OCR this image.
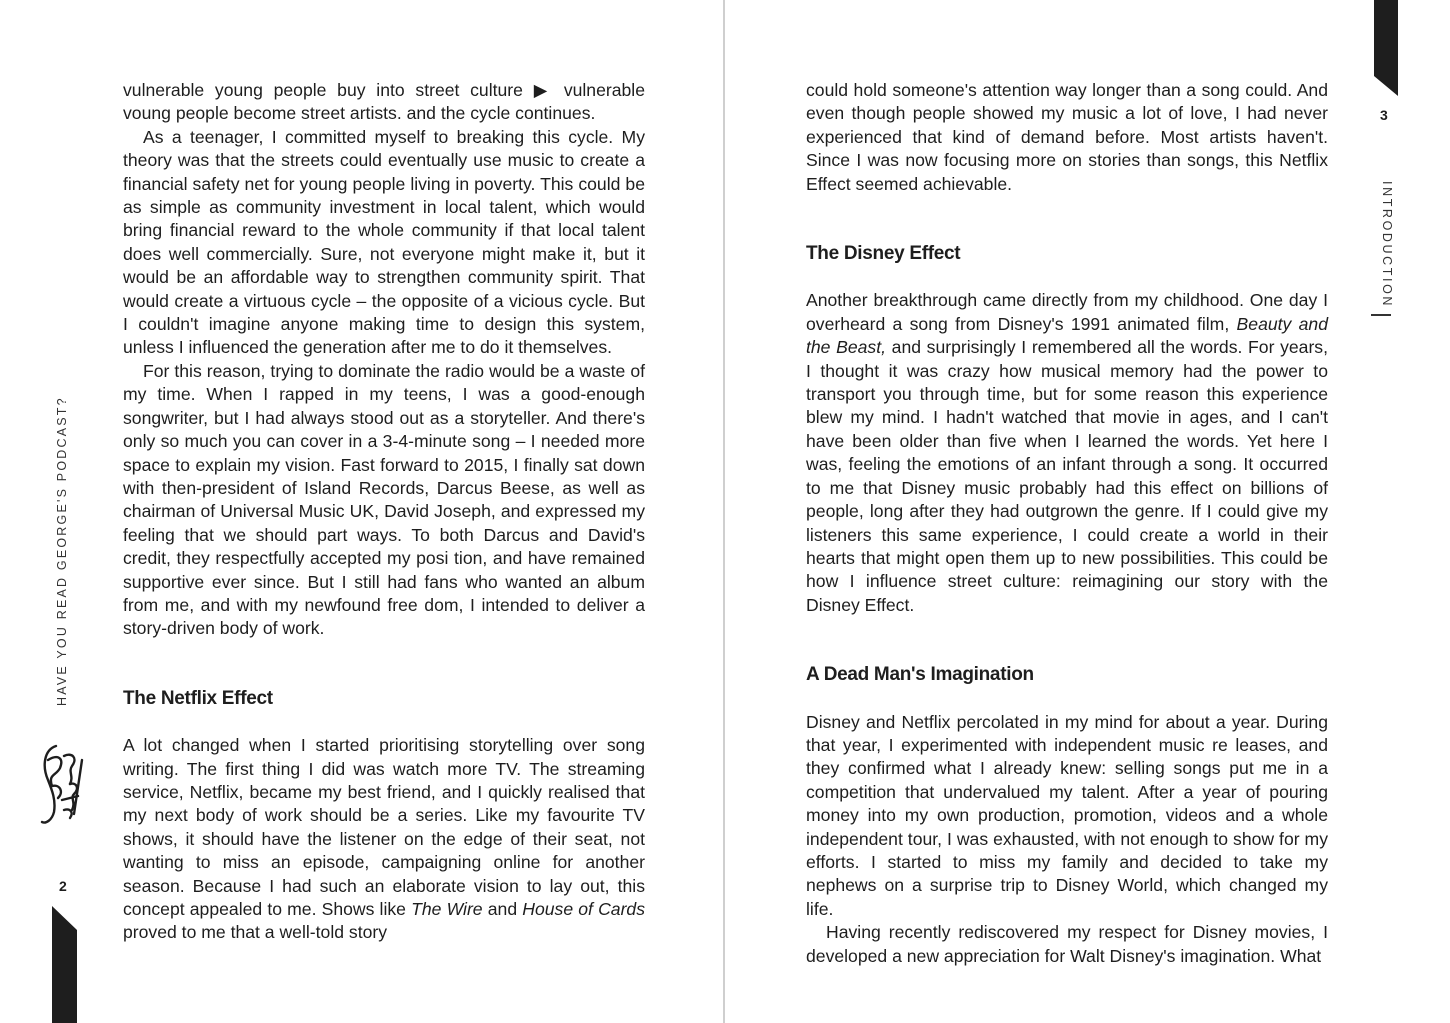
vulnerable young people buy into street culture ▶ vulnerable voung people become street artists. and the cycle continues.

As a teenager, I committed myself to breaking this cycle. My theory was that the streets could eventually use music to create a financial safety net for young people living in poverty. This could be as simple as community investment in local talent, which would bring financial reward to the whole community if that local talent does well commercially. Sure, not everyone might make it, but it would be an affordable way to strengthen community spirit. That would create a virtuous cycle – the opposite of a vicious cycle. But I couldn't imagine anyone making time to design this system, unless I influenced the generation after me to do it themselves.

For this reason, trying to dominate the radio would be a waste of my time. When I rapped in my teens, I was a good-enough songwriter, but I had always stood out as a storyteller. And there's only so much you can cover in a 3-4-minute song – I needed more space to explain my vision. Fast forward to 2015, I finally sat down with then-president of Island Records, Darcus Beese, as well as chairman of Universal Music UK, David Joseph, and expressed my feeling that we should part ways. To both Darcus and David's credit, they respectfully accepted my posi tion, and have remained supportive ever since. But I still had fans who wanted an album from me, and with my newfound free dom, I intended to deliver a story-driven body of work.

The Netflix Effect

A lot changed when I started prioritising storytelling over song writing. The first thing I did was watch more TV. The streaming service, Netflix, became my best friend, and I quickly realised that my next body of work should be a series. Like my favourite TV shows, it should have the listener on the edge of their seat, not wanting to miss an episode, campaigning online for another season. Because I had such an elaborate vision to lay out, this concept appealed to me. Shows like The Wire and House of Cards proved to me that a well-told story

HAVE YOU READ GEORGE'S PODCAST?
2

could hold someone's attention way longer than a song could. And even though people showed my music a lot of love, I had never experienced that kind of demand before. Most artists haven't. Since I was now focusing more on stories than songs, this Netflix Effect seemed achievable.

The Disney Effect

Another breakthrough came directly from my childhood. One day I overheard a song from Disney's 1991 animated film, Beauty and the Beast, and surprisingly I remembered all the words. For years, I thought it was crazy how musical memory had the power to transport you through time, but for some reason this experience blew my mind. I hadn't watched that movie in ages, and I can't have been older than five when I learned the words. Yet here I was, feeling the emotions of an infant through a song. It occurred to me that Disney music probably had this effect on billions of people, long after they had outgrown the genre. If I could give my listeners this same experience, I could create a world in their hearts that might open them up to new possibilities. This could be how I influence street culture: reimagining our story with the Disney Effect.

A Dead Man's Imagination

Disney and Netflix percolated in my mind for about a year. During that year, I experimented with independent music re leases, and they confirmed what I already knew: selling songs put me in a competition that undervalued my talent. After a year of pouring money into my own production, promotion, videos and a whole independent tour, I was exhausted, with not enough to show for my efforts. I started to miss my family and decided to take my nephews on a surprise trip to Disney World, which changed my life.

Having recently rediscovered my respect for Disney movies, I developed a new appreciation for Walt Disney's imagination. What

3
INTRODUCTION
